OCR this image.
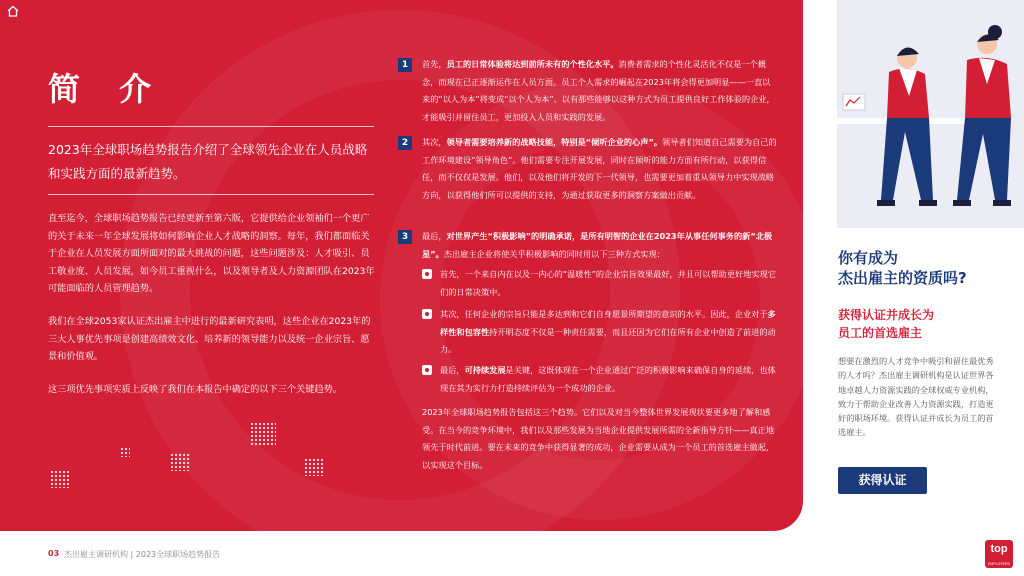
简 介
2023年全球职场趋势报告介绍了全球领先企业在人员战略和实践方面的最新趋势。
直至迄今，全球职场趋势报告已经更新至第六版，它提供给企业领袖们一个更广的关于未来一年全球发展将如何影响企业人才战略的洞察。每年，我们都面临关于企业在人员发展方面所面对的最大挑战的问题，这些问题涉及：人才吸引、员工敬业度、人员发展，如今员工重视什么，以及领导者及人力资源团队在2023年可能面临的人员管理趋势。
我们在全球2053家认证杰出雇主中进行的最新研究表明，这些企业在2023年的三大人事优先事项是创建高绩效文化、培养新的领导能力以及统一企业宗旨、愿景和价值观。
这三项优先事项实质上反映了我们在本报告中确定的以下三个关键趋势。
1	首先，员工的日常体验将达到前所未有的个性化水平。消费者需求的个性化灵活化不仅是一个概念，而现在已正逐渐运作在人员方面。员工个人需求的崛起在2023年将会得更加明显——一直以来的“以人为本”将变成“以个人为本”。以有那些能够以这种方式为员工提供良好工作体验的企业，才能吸引并留住员工，更加投入人员和实践的发展。
2	其次，领导者需要培养新的战略技能，特别是“倾听企业的心声”。领导者们知道自己需要为自己的工作环境建设“领导角色”。他们需要专注开展发展，同时在倾听的能力方面有所行动，以获得信任，而不仅仅是发展。他们，以及他们将开发的下一代领导，也需要更加着重从领导力中实现战略方向，以获得他们所可以提供的支持，为通过获取更多的洞察方案做出贡献。
3	最后，对世界产生“积极影响”的明确承诺，是所有明智的企业在2023年从事任何事务的新“北极星”。杰出雇主企业将使关乎积极影响的同时用以下三种方式实现：
首先，一个来自内在以及一内心的“温暖性”的企业宗旨效果最好，并且可以帮助更好地实现它们的日常决策中。
其次，任何企业的宗旨只能是多达到和它们自身愿景所期望的意识的水平。因此，企业对于多样性和包容性持开明态度不仅是一种责任需要，而且还因为它们在所有企业中创造了前进的动力。
最后，可持续发展是关键，这既体现在一个企业通过广泛的积极影响来确保自身的延续，也体现在其为实行力打造持续评估为一个成功的企业。
2023年全球职场趋势报告包括这三个趋势。它们以及对当今整体世界发展现状要更多地了解和感受。在当今的竞争环境中，我们以及那些发展为当地企业提供发展所需的全新指导方针——真正地领先于时代前进。要在未来的竞争中获得显著的成功，企业需要从成为一个员工的首选雇主做起，以实现这个目标。
03 杰出雇主调研机构 | 2023全球职场趋势报告
你有成为
杰出雇主的资质吗?
获得认证并成长为
员工的首选雇主
想要在激烈的人才竞争中吸引和留住最优秀的人才吗？杰出雇主调研机构是认证世界各地卓越人力资源实践的全球权威专业机构，致力于帮助企业改善人力资源实践，打造更好的职场环境。获得认证并成长为员工的首选雇主。
获得认证
top
EMPLOYERS
